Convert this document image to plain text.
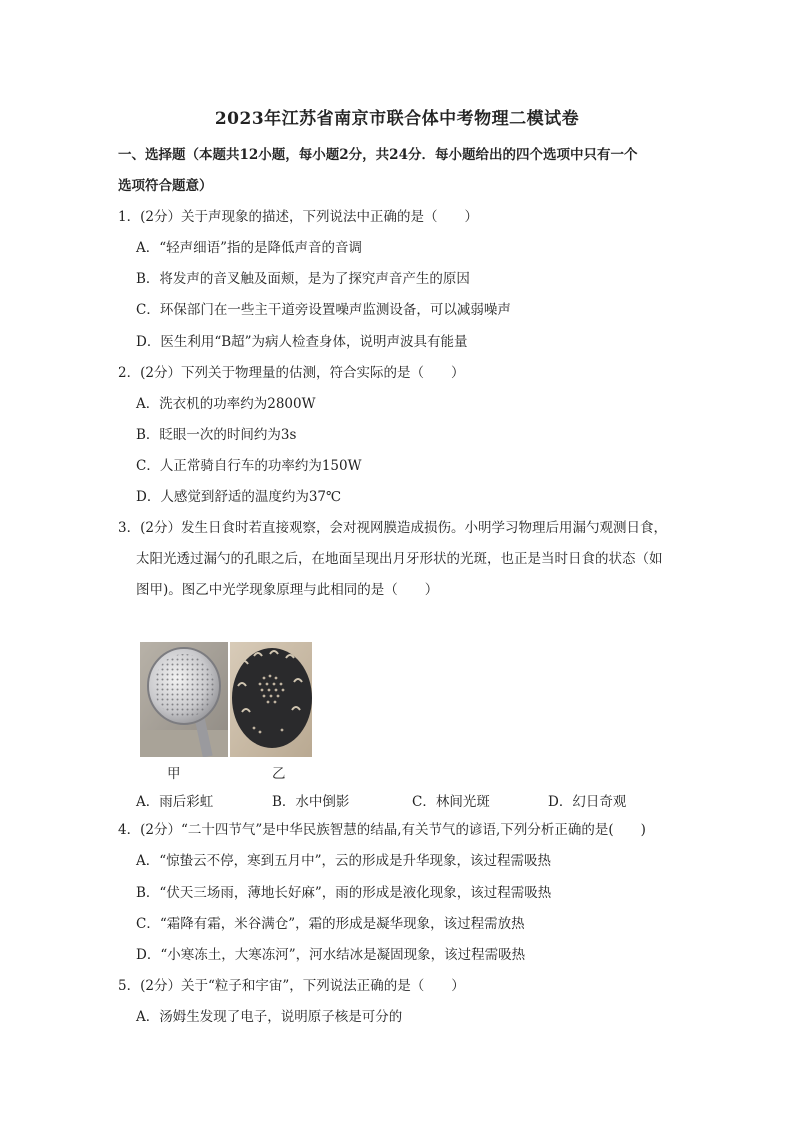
2023年江苏省南京市联合体中考物理二模试卷
一、选择题（本题共12小题，每小题2分，共24分．每小题给出的四个选项中只有一个
选项符合题意）
1．(2分）关于声现象的描述，下列说法中正确的是（　　）
A．“轻声细语”指的是降低声音的音调
B．将发声的音叉触及面颊，是为了探究声音产生的原因
C．环保部门在一些主干道旁设置噪声监测设备，可以减弱噪声
D．医生利用“B超”为病人检查身体，说明声波具有能量
2．(2分）下列关于物理量的估测，符合实际的是（　　）
A．洗衣机的功率约为2800W
B．眨眼一次的时间约为3s
C．人正常骑自行车的功率约为150W
D．人感觉到舒适的温度约为37℃
3．(2分）发生日食时若直接观察，会对视网膜造成损伤。小明学习物理后用漏勺观测日食，
太阳光透过漏勺的孔眼之后，在地面呈现出月牙形状的光斑，也正是当时日食的状态（如
图甲)。图乙中光学现象原理与此相同的是（　　）
甲	乙
A．雨后彩虹	B．水中倒影	C．林间光斑	D．幻日奇观
4．(2分）“二十四节气”是中华民族智慧的结晶,有关节气的谚语,下列分析正确的是(　　)
A．“惊蛰云不停，寒到五月中”，云的形成是升华现象，该过程需吸热
B．“伏天三场雨，薄地长好麻”，雨的形成是液化现象，该过程需吸热
C．“霜降有霜，米谷满仓”，霜的形成是凝华现象，该过程需放热
D．“小寒冻土，大寒冻河”，河水结冰是凝固现象，该过程需吸热
5．(2分）关于“粒子和宇宙”，下列说法正确的是（　　）
A．汤姆生发现了电子，说明原子核是可分的
